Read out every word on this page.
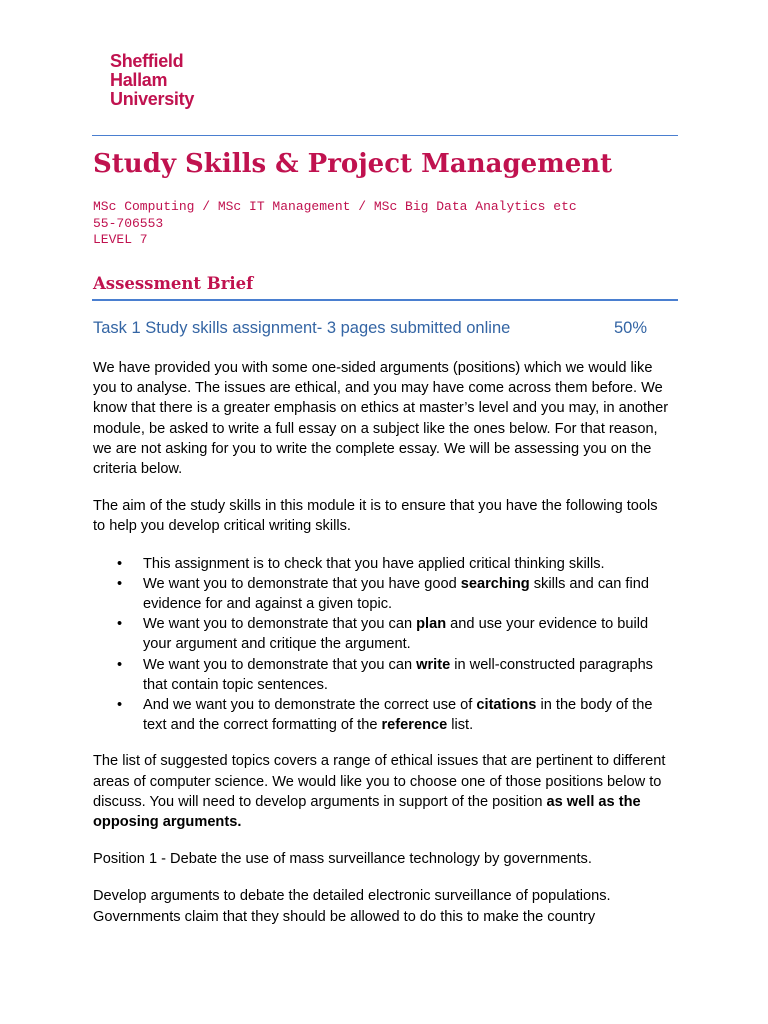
Sheffield
Hallam
University
Study Skills & Project Management
MSc Computing / MSc IT Management / MSc Big Data Analytics etc
55-706553
LEVEL 7
Assessment Brief
Task 1 Study skills assignment- 3 pages submitted online	50%

We have provided you with some one-sided arguments (positions) which we would like you to analyse. The issues are ethical, and you may have come across them before. We know that there is a greater emphasis on ethics at master’s level and you may, in another module, be asked to write a full essay on a subject like the ones below. For that reason, we are not asking for you to write the complete essay. We will be assessing you on the criteria below.

The aim of the study skills in this module it is to ensure that you have the following tools to help you develop critical writing skills.

• This assignment is to check that you have applied critical thinking skills.
• We want you to demonstrate that you have good searching skills and can find evidence for and against a given topic.
• We want you to demonstrate that you can plan and use your evidence to build your argument and critique the argument.
• We want you to demonstrate that you can write in well-constructed paragraphs that contain topic sentences.
• And we want you to demonstrate the correct use of citations in the body of the text and the correct formatting of the reference list.

The list of suggested topics covers a range of ethical issues that are pertinent to different areas of computer science. We would like you to choose one of those positions below to discuss. You will need to develop arguments in support of the position as well as the opposing arguments.

Position 1 - Debate the use of mass surveillance technology by governments.

Develop arguments to debate the detailed electronic surveillance of populations. Governments claim that they should be allowed to do this to make the country
